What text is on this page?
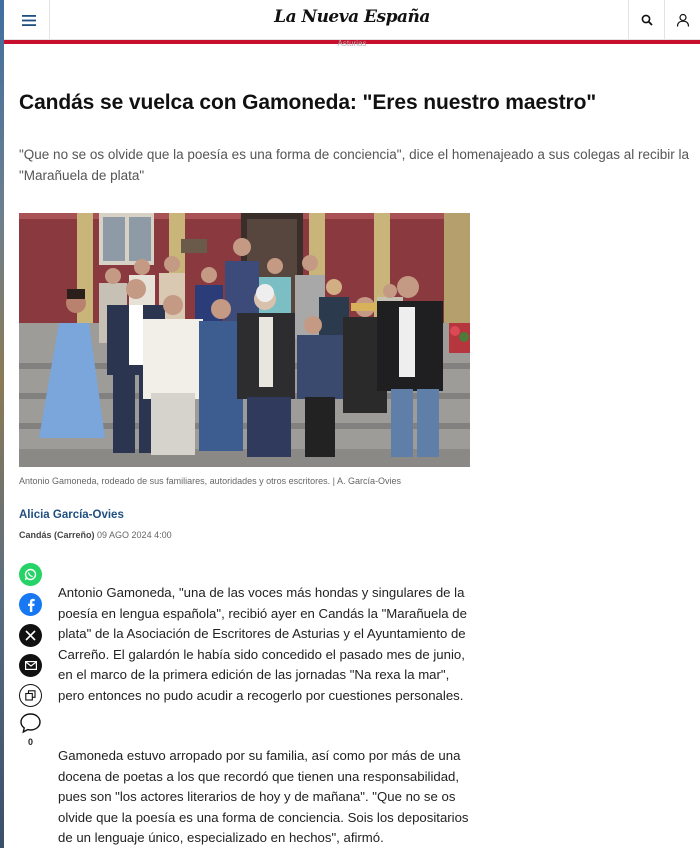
La Nueva España
Asturias
Candás se vuelca con Gamoneda: "Eres nuestro maestro"

"Que no se os olvide que la poesía es una forma de conciencia", dice el homenajeado a sus colegas al recibir la "Marañuela de plata"

Antonio Gamoneda, rodeado de sus familiares, autoridades y otros escritores. | A. García-Ovies
Alicia García-Ovies
Candás (Carreño) 09 AGO 2024 4:00
0

Antonio Gamoneda, "una de las voces más hondas y singulares de la poesía en lengua española", recibió ayer en Candás la "Marañuela de plata" de la Asociación de Escritores de Asturias y el Ayuntamiento de Carreño. El galardón le había sido concedido el pasado mes de junio, en el marco de la primera edición de las jornadas "Na rexa la mar", pero entonces no pudo acudir a recogerlo por cuestiones personales.

Gamoneda estuvo arropado por su familia, así como por más de una docena de poetas a los que recordó que tienen una responsabilidad, pues son "los actores literarios de hoy y de mañana". "Que no se os olvide que la poesía es una forma de conciencia. Sois los depositarios de un lenguaje único, especializado en hechos", afirmó.
